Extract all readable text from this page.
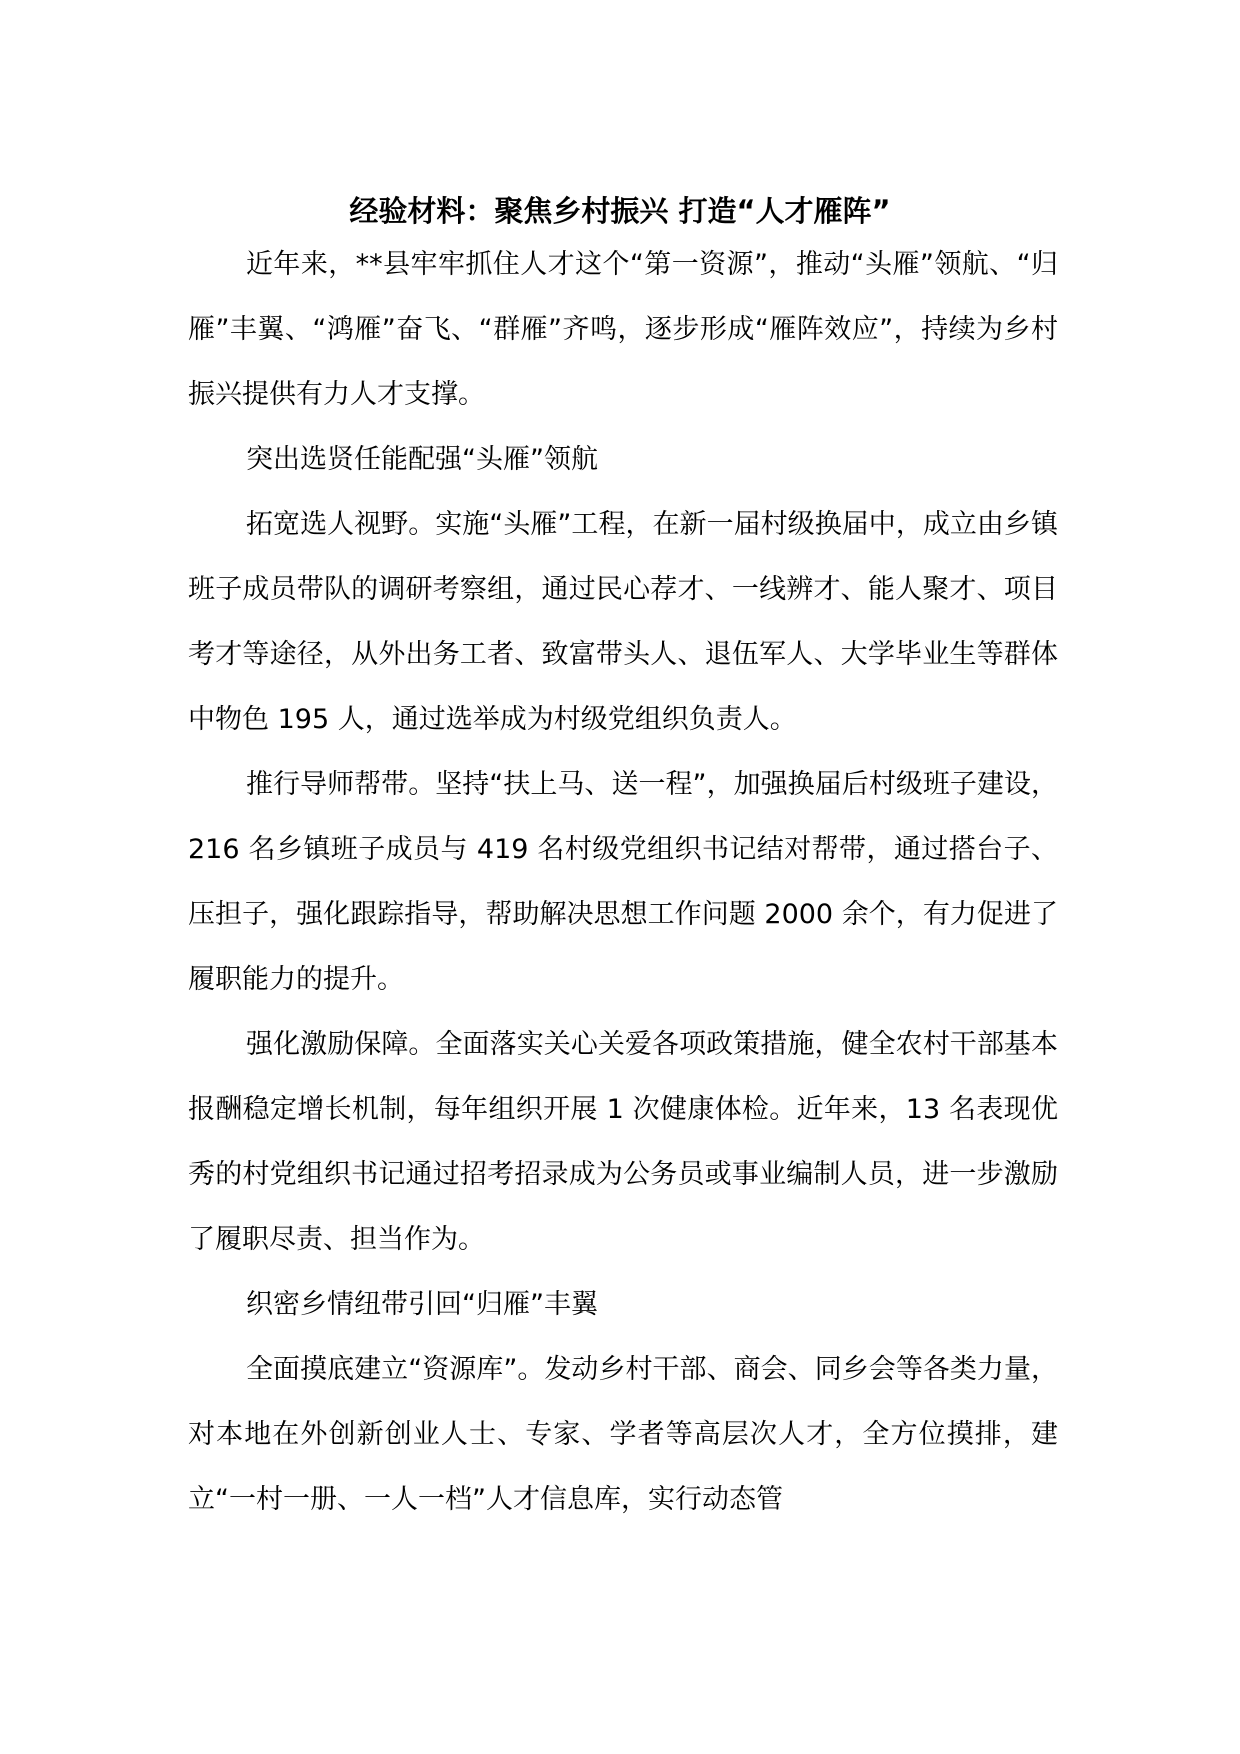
经验材料：聚焦乡村振兴 打造“人才雁阵”

近年来，**县牢牢抓住人才这个“第一资源”，推动“头雁”领航、“归雁”丰翼、“鸿雁”奋飞、“群雁”齐鸣，逐步形成“雁阵效应”，持续为乡村振兴提供有力人才支撑。

突出选贤任能配强“头雁”领航

拓宽选人视野。实施“头雁”工程，在新一届村级换届中，成立由乡镇班子成员带队的调研考察组，通过民心荐才、一线辨才、能人聚才、项目考才等途径，从外出务工者、致富带头人、退伍军人、大学毕业生等群体中物色 195 人，通过选举成为村级党组织负责人。

推行导师帮带。坚持“扶上马、送一程”，加强换届后村级班子建设，216 名乡镇班子成员与 419 名村级党组织书记结对帮带，通过搭台子、压担子，强化跟踪指导，帮助解决思想工作问题 2000 余个，有力促进了履职能力的提升。

强化激励保障。全面落实关心关爱各项政策措施，健全农村干部基本报酬稳定增长机制，每年组织开展 1 次健康体检。近年来，13 名表现优秀的村党组织书记通过招考招录成为公务员或事业编制人员，进一步激励了履职尽责、担当作为。

织密乡情纽带引回“归雁”丰翼

全面摸底建立“资源库”。发动乡村干部、商会、同乡会等各类力量，对本地在外创新创业人士、专家、学者等高层次人才，全方位摸排，建立“一村一册、一人一档”人才信息库，实行动态管
